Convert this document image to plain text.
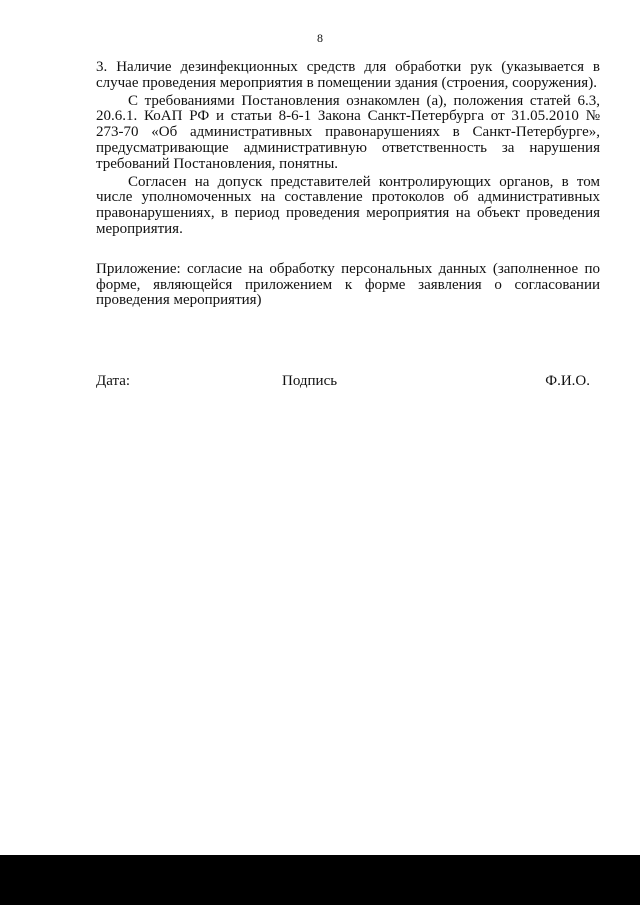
8

3. Наличие дезинфекционных средств для обработки рук (указывается в случае проведения мероприятия в помещении здания (строения, сооружения).

С требованиями Постановления ознакомлен (а), положения статей 6.3, 20.6.1. КоАП РФ и статьи 8-6-1 Закона Санкт-Петербурга от 31.05.2010 № 273-70 «Об административных правонарушениях в Санкт-Петербурге», предусматривающие административную ответственность за нарушения требований Постановления, понятны.

Согласен на допуск представителей контролирующих органов, в том числе уполномоченных на составление протоколов об административных правонарушениях, в период проведения мероприятия на объект проведения мероприятия.

Приложение: согласие на обработку персональных данных (заполненное по форме, являющейся приложением к форме заявления о согласовании проведения мероприятия)

Дата:	Подпись	Ф.И.О.
